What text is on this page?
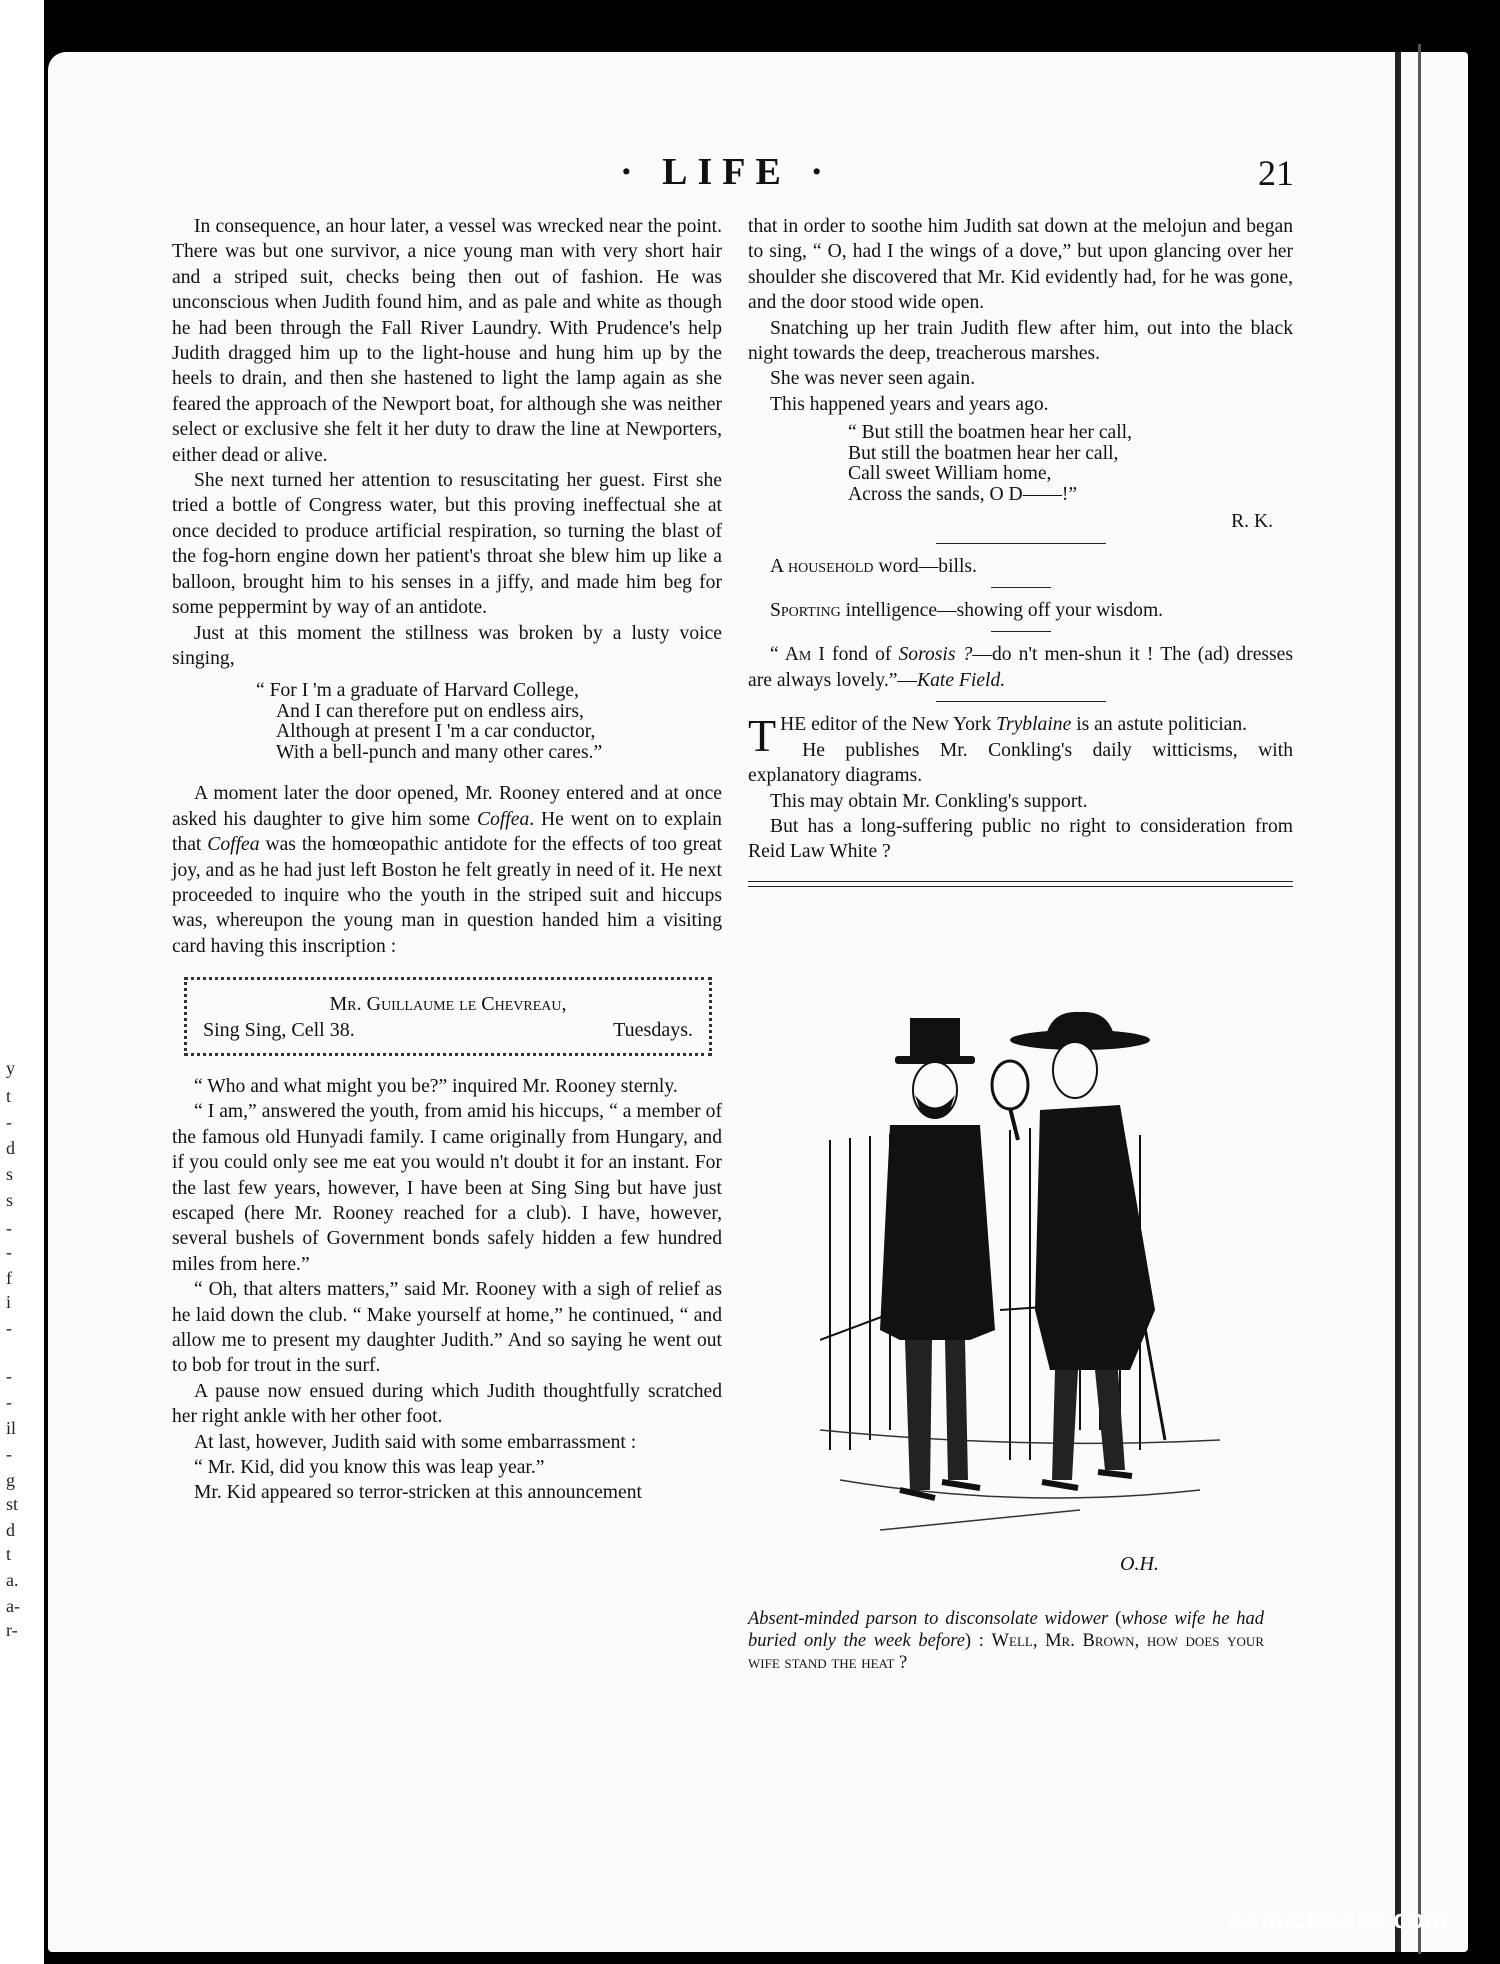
y
t
-
d
s
s
-
-
f
i
-
-
-
il
-
g
st
d
t
a.
a-
r-
· LIFE ·	21

In consequence, an hour later, a vessel was wrecked near the point. There was but one survivor, a nice young man with very short hair and a striped suit, checks being then out of fashion. He was unconscious when Judith found him, and as pale and white as though he had been through the Fall River Laundry. With Prudence's help Judith dragged him up to the light-house and hung him up by the heels to drain, and then she hastened to light the lamp again as she feared the approach of the Newport boat, for although she was neither select or exclusive she felt it her duty to draw the line at Newporters, either dead or alive.

She next turned her attention to resuscitating her guest. First she tried a bottle of Congress water, but this proving ineffectual she at once decided to produce artificial respiration, so turning the blast of the fog-horn engine down her patient's throat she blew him up like a balloon, brought him to his senses in a jiffy, and made him beg for some peppermint by way of an antidote.

Just at this moment the stillness was broken by a lusty voice singing,

“ For I 'm a graduate of Harvard College,
And I can therefore put on endless airs,
Although at present I 'm a car conductor,
With a bell-punch and many other cares.”

A moment later the door opened, Mr. Rooney entered and at once asked his daughter to give him some Coffea. He went on to explain that Coffea was the homœopathic antidote for the effects of too great joy, and as he had just left Boston he felt greatly in need of it. He next proceeded to inquire who the youth in the striped suit and hiccups was, whereupon the young man in question handed him a visiting card having this inscription :

Mr. Guillaume le Chevreau,
Sing Sing, Cell 38.	Tuesdays.

“ Who and what might you be?” inquired Mr. Rooney sternly.

“ I am,” answered the youth, from amid his hiccups, “ a member of the famous old Hunyadi family. I came originally from Hungary, and if you could only see me eat you would n't doubt it for an instant. For the last few years, however, I have been at Sing Sing but have just escaped (here Mr. Rooney reached for a club). I have, however, several bushels of Government bonds safely hidden a few hundred miles from here.”

“ Oh, that alters matters,” said Mr. Rooney with a sigh of relief as he laid down the club. “ Make yourself at home,” he continued, “ and allow me to present my daughter Judith.” And so saying he went out to bob for trout in the surf.

A pause now ensued during which Judith thoughtfully scratched her right ankle with her other foot.

At last, however, Judith said with some embarrassment :

“ Mr. Kid, did you know this was leap year.”

Mr. Kid appeared so terror-stricken at this announcement

that in order to soothe him Judith sat down at the melojun and began to sing, “ O, had I the wings of a dove,” but upon glancing over her shoulder she discovered that Mr. Kid evidently had, for he was gone, and the door stood wide open.

Snatching up her train Judith flew after him, out into the black night towards the deep, treacherous marshes.

She was never seen again.

This happened years and years ago.

“ But still the boatmen hear her call,
But still the boatmen hear her call,
Call sweet William home,
Across the sands, O D——!”
R. K.

A household word—bills.

Sporting intelligence—showing off your wisdom.

“ Am I fond of Sorosis ?—do n't men-shun it ! The (ad) dresses are always lovely.”—Kate Field.

THE editor of the New York Tryblaine is an astute politician.

He publishes Mr. Conkling's daily witticisms, with explanatory diagrams.

This may obtain Mr. Conkling's support.

But has a long-suffering public no right to consideration from Reid Law White ?

O.H.
Absent-minded parson to disconsolate widower (whose wife he had buried only the week before) : Well, Mr. Brown, how does your wife stand the heat ?
comicbooks.com
